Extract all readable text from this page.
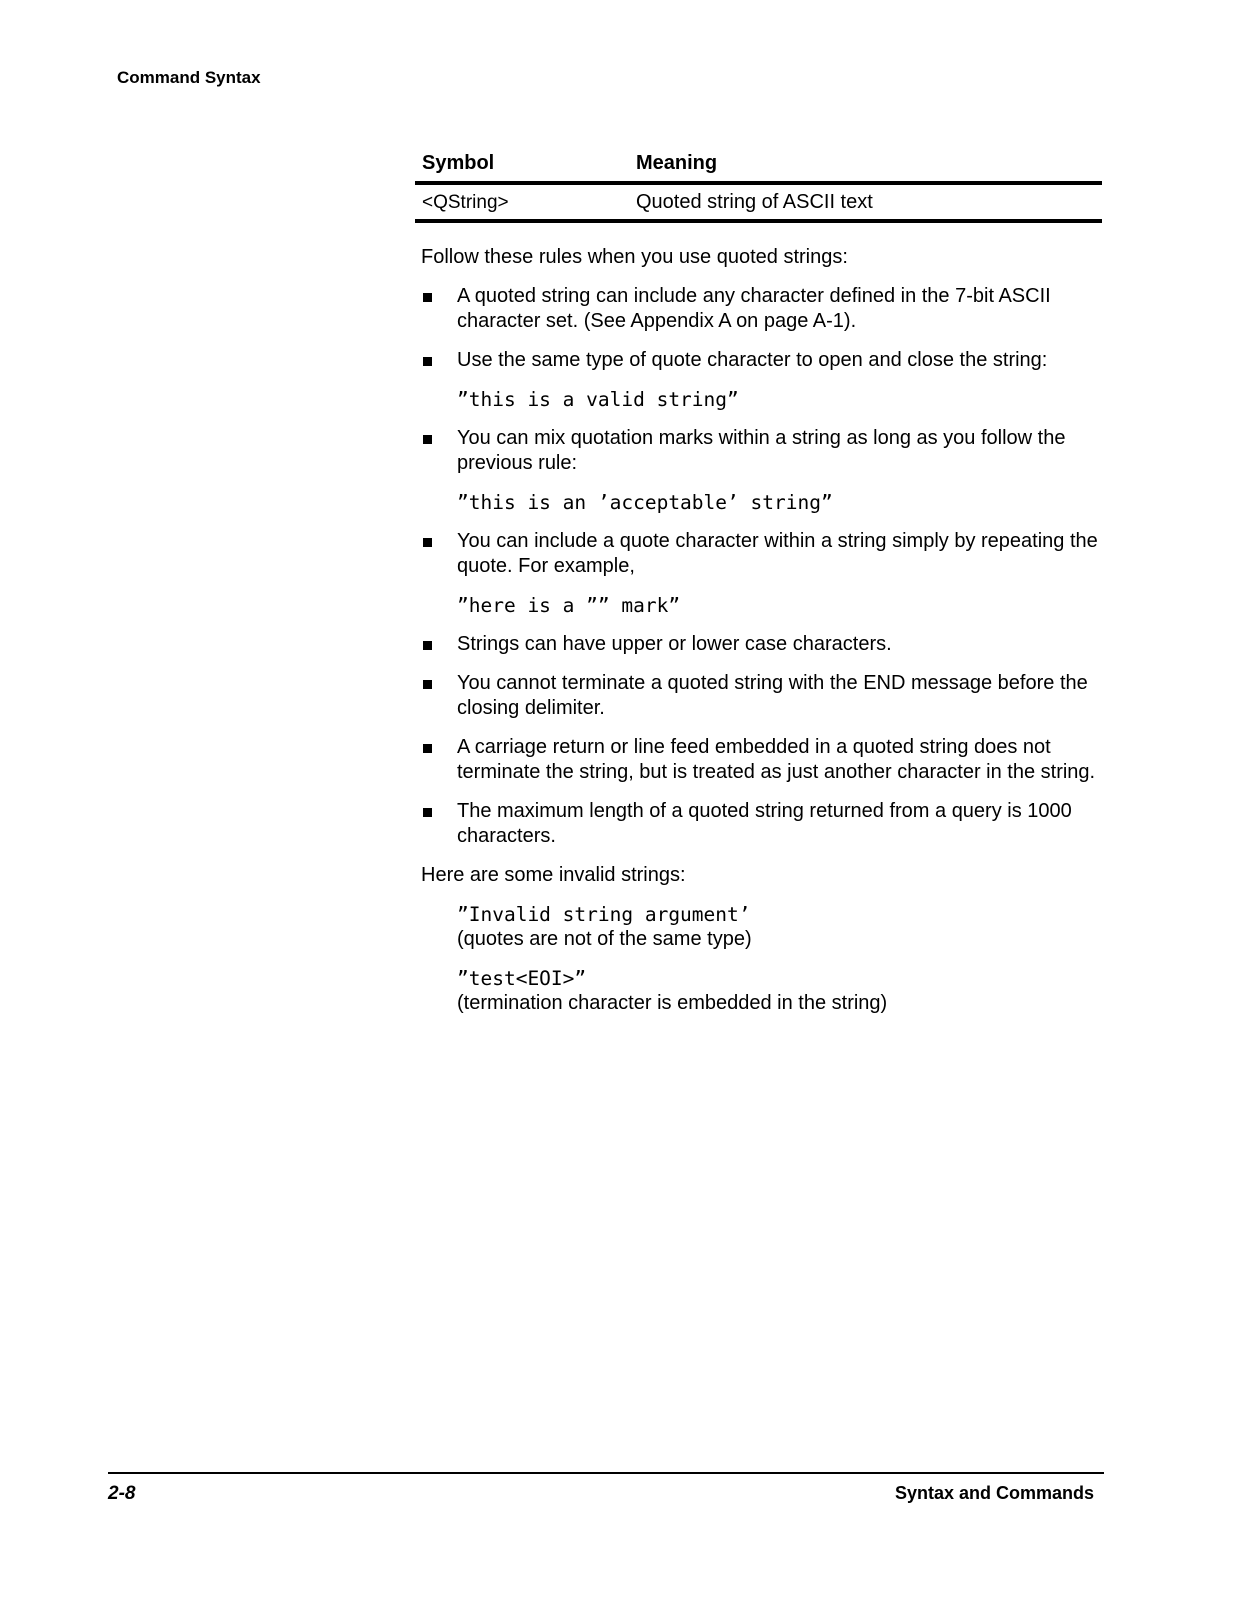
Command Syntax
Symbol	Meaning
<QString>	Quoted string of ASCII text

Follow these rules when you use quoted strings:

A quoted string can include any character defined in the 7-bit ASCII character set. (See Appendix A on page A-1).
Use the same type of quote character to open and close the string:
”this is a valid string”
You can mix quotation marks within a string as long as you follow the previous rule:
”this is an ’acceptable’ string”
You can include a quote character within a string simply by repeating the quote. For example,
”here is a ”” mark”
Strings can have upper or lower case characters.
You cannot terminate a quoted string with the END message before the closing delimiter.
A carriage return or line feed embedded in a quoted string does not terminate the string, but is treated as just another character in the string.
The maximum length of a quoted string returned from a query is 1000 characters.

Here are some invalid strings:

”Invalid string argument’
(quotes are not of the same type)
”test<EOI>”
(termination character is embedded in the string)
2-8	Syntax and Commands
